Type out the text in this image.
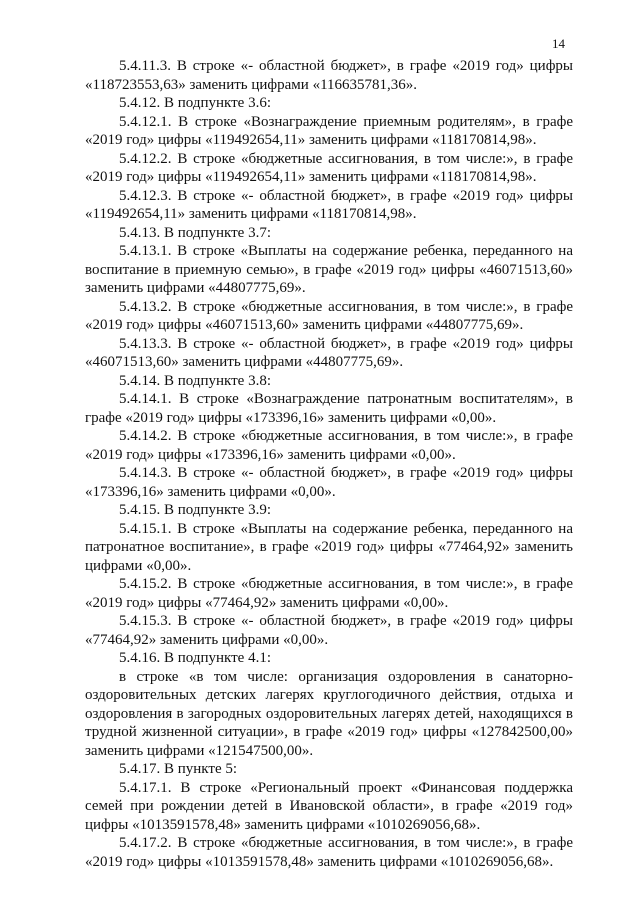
14

5.4.11.3. В строке «- областной бюджет», в графе «2019 год» цифры «118723553,63» заменить цифрами «116635781,36».

5.4.12. В подпункте 3.6:

5.4.12.1. В строке «Вознаграждение приемным родителям», в графе «2019 год» цифры «119492654,11» заменить цифрами «118170814,98».

5.4.12.2. В строке «бюджетные ассигнования, в том числе:», в графе «2019 год» цифры «119492654,11» заменить цифрами «118170814,98».

5.4.12.3. В строке «- областной бюджет», в графе «2019 год» цифры «119492654,11» заменить цифрами «118170814,98».

5.4.13. В подпункте 3.7:

5.4.13.1. В строке «Выплаты на содержание ребенка, переданного на воспитание в приемную семью», в графе «2019 год» цифры «46071513,60» заменить цифрами «44807775,69».

5.4.13.2. В строке «бюджетные ассигнования, в том числе:», в графе «2019 год» цифры «46071513,60» заменить цифрами «44807775,69».

5.4.13.3. В строке «- областной бюджет», в графе «2019 год» цифры «46071513,60» заменить цифрами «44807775,69».

5.4.14. В подпункте 3.8:

5.4.14.1. В строке «Вознаграждение патронатным воспитателям», в графе «2019 год» цифры «173396,16» заменить цифрами «0,00».

5.4.14.2. В строке «бюджетные ассигнования, в том числе:», в графе «2019 год» цифры «173396,16» заменить цифрами «0,00».

5.4.14.3. В строке «- областной бюджет», в графе «2019 год» цифры «173396,16» заменить цифрами «0,00».

5.4.15. В подпункте 3.9:

5.4.15.1. В строке «Выплаты на содержание ребенка, переданного на патронатное воспитание», в графе «2019 год» цифры «77464,92» заменить цифрами «0,00».

5.4.15.2. В строке «бюджетные ассигнования, в том числе:», в графе «2019 год» цифры «77464,92» заменить цифрами «0,00».

5.4.15.3. В строке «- областной бюджет», в графе «2019 год» цифры «77464,92» заменить цифрами «0,00».

5.4.16. В подпункте 4.1:

в строке «в том числе: организация оздоровления в санаторно-оздоровительных детских лагерях круглогодичного действия, отдыха и оздоровления в загородных оздоровительных лагерях детей, находящихся в трудной жизненной ситуации», в графе «2019 год» цифры «127842500,00» заменить цифрами «121547500,00».

5.4.17. В пункте 5:

5.4.17.1. В строке «Региональный проект «Финансовая поддержка семей при рождении детей в Ивановской области», в графе «2019 год» цифры «1013591578,48» заменить цифрами «1010269056,68».

5.4.17.2. В строке «бюджетные ассигнования, в том числе:», в графе «2019 год» цифры «1013591578,48» заменить цифрами «1010269056,68».
